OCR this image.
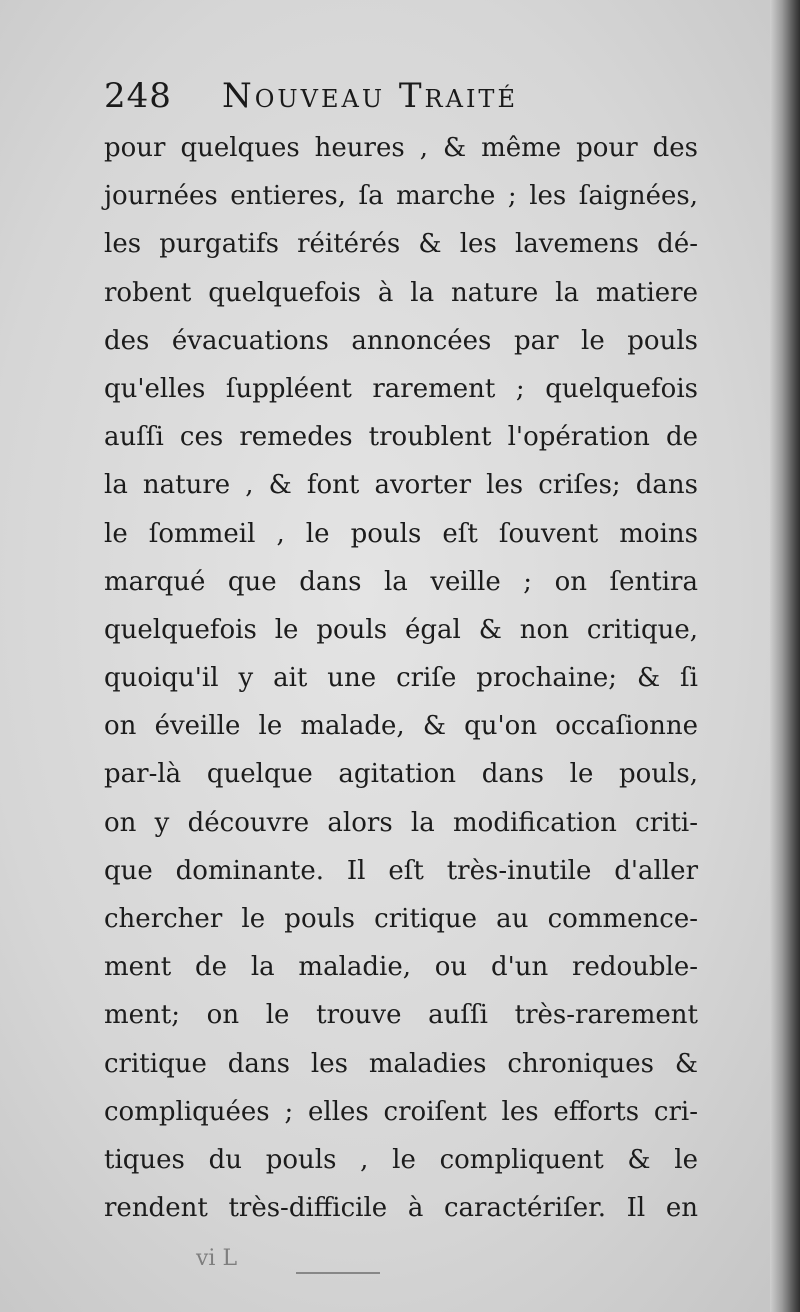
248 Nouveau Traité
pour quelques heures , & même pour des
journées entieres, ſa marche ; les ſaignées,
les purgatifs réitérés & les lavemens dé-
robent quelquefois à la nature la matiere
des évacuations annoncées par le pouls
qu'elles ſuppléent rarement ; quelquefois
auſſi ces remedes troublent l'opération de
la nature , & font avorter les criſes; dans
le ſommeil , le pouls eſt ſouvent moins
marqué que dans la veille ; on ſentira
quelquefois le pouls égal & non critique,
quoiqu'il y ait une criſe prochaine; & ſi
on éveille le malade, & qu'on occaſionne
par-là quelque agitation dans le pouls,
on y découvre alors la modification criti-
que dominante. Il eſt très-inutile d'aller
chercher le pouls critique au commence-
ment de la maladie, ou d'un redouble-
ment; on le trouve auſſi très-rarement
critique dans les maladies chroniques &
compliquées ; elles croiſent les efforts cri-
tiques du pouls , le compliquent & le
rendent très-difficile à caractériſer. Il en
vi L
